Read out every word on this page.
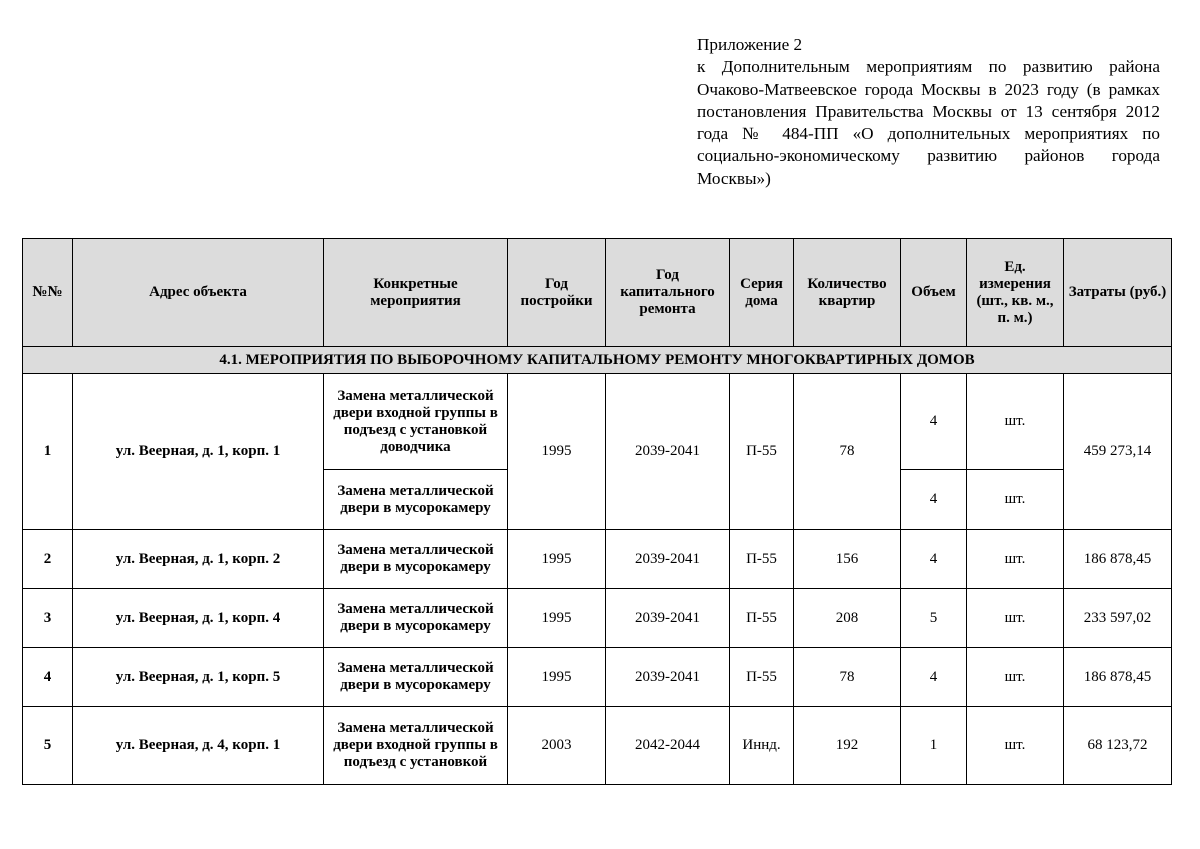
Приложение 2
к Дополнительным мероприятиям по развитию района Очаково-Матвеевское города Москвы в 2023 году (в рамках постановления Правительства Москвы от 13 сентября 2012 года № 484-ПП «О дополнительных мероприятиях по социально-экономическому развитию районов города Москвы»)
№№	Адрес объекта	Конкретные мероприятия	Год постройки	Год капитального ремонта	Серия дома	Количество квартир	Объем	Ед. измерения (шт., кв. м., п. м.)	Затраты (руб.)
4.1. МЕРОПРИЯТИЯ ПО ВЫБОРОЧНОМУ КАПИТАЛЬНОМУ РЕМОНТУ МНОГОКВАРТИРНЫХ ДОМОВ									
1	ул. Веерная, д. 1, корп. 1	Замена металлической двери входной группы в подъезд с установкой доводчика	1995	2039-2041	П-55	78	4	шт.	459 273,14
		Замена металлической двери в мусорокамеру					4	шт.	
2	ул. Веерная, д. 1, корп. 2	Замена металлической двери в мусорокамеру	1995	2039-2041	П-55	156	4	шт.	186 878,45
3	ул. Веерная, д. 1, корп. 4	Замена металлической двери в мусорокамеру	1995	2039-2041	П-55	208	5	шт.	233 597,02
4	ул. Веерная, д. 1, корп. 5	Замена металлической двери в мусорокамеру	1995	2039-2041	П-55	78	4	шт.	186 878,45
5	ул. Веерная, д. 4, корп. 1	Замена металлической двери входной группы в подъезд с установкой	2003	2042-2044	Иннд.	192	1	шт.	68 123,72
